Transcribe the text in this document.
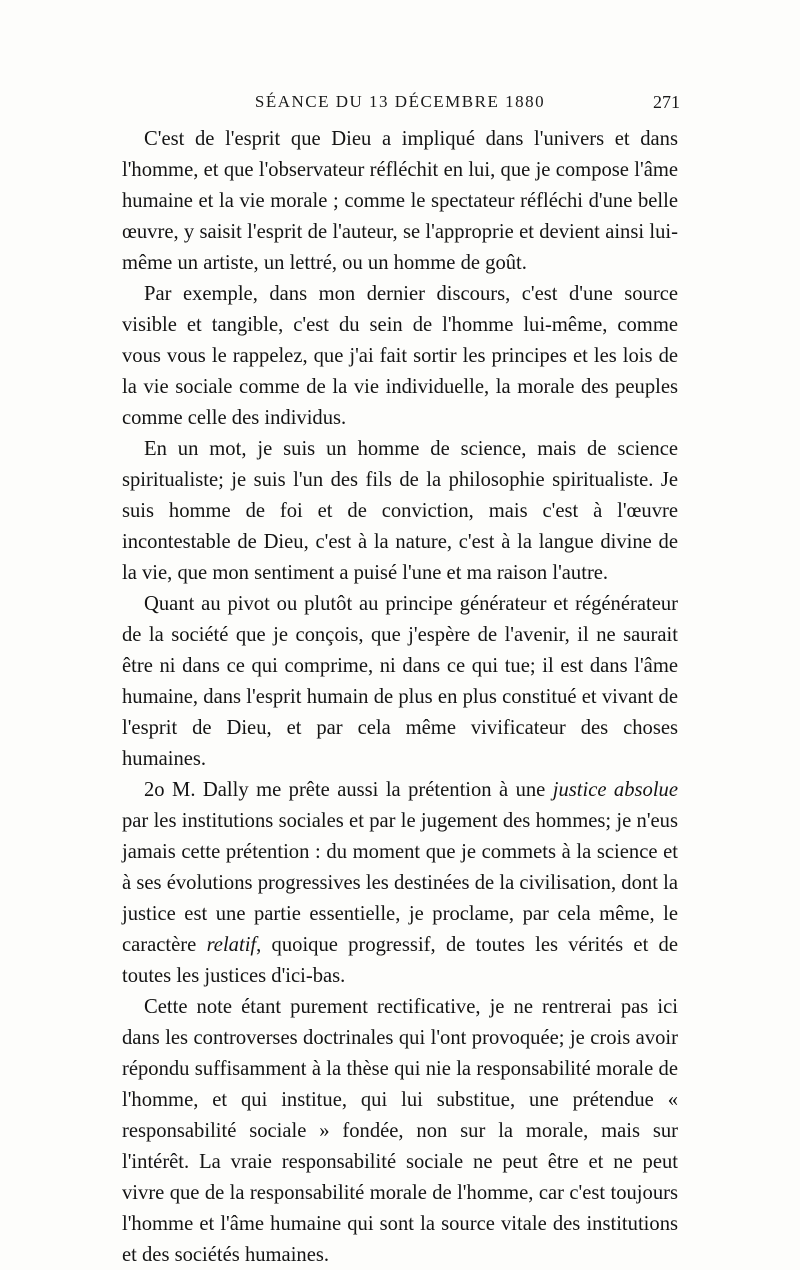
SÉANCE DU 13 DÉCEMBRE 1880	271

C'est de l'esprit que Dieu a impliqué dans l'univers et dans l'homme, et que l'observateur réfléchit en lui, que je compose l'âme humaine et la vie morale ; comme le spectateur réfléchi d'une belle œuvre, y saisit l'esprit de l'auteur, se l'approprie et devient ainsi lui-même un artiste, un lettré, ou un homme de goût.

Par exemple, dans mon dernier discours, c'est d'une source visible et tangible, c'est du sein de l'homme lui-même, comme vous vous le rappelez, que j'ai fait sortir les principes et les lois de la vie sociale comme de la vie individuelle, la morale des peuples comme celle des individus.

En un mot, je suis un homme de science, mais de science spiritualiste; je suis l'un des fils de la philosophie spiritualiste. Je suis homme de foi et de conviction, mais c'est à l'œuvre incontestable de Dieu, c'est à la nature, c'est à la langue divine de la vie, que mon sentiment a puisé l'une et ma raison l'autre.

Quant au pivot ou plutôt au principe générateur et régénérateur de la société que je conçois, que j'espère de l'avenir, il ne saurait être ni dans ce qui comprime, ni dans ce qui tue; il est dans l'âme humaine, dans l'esprit humain de plus en plus constitué et vivant de l'esprit de Dieu, et par cela même vivificateur des choses humaines.

2o M. Dally me prête aussi la prétention à une justice absolue par les institutions sociales et par le jugement des hommes; je n'eus jamais cette prétention : du moment que je commets à la science et à ses évolutions progressives les destinées de la civilisation, dont la justice est une partie essentielle, je proclame, par cela même, le caractère relatif, quoique progressif, de toutes les vérités et de toutes les justices d'ici-bas.

Cette note étant purement rectificative, je ne rentrerai pas ici dans les controverses doctrinales qui l'ont provoquée; je crois avoir répondu suffisamment à la thèse qui nie la responsabilité morale de l'homme, et qui institue, qui lui substitue, une prétendue « responsabilité sociale » fondée, non sur la morale, mais sur l'intérêt. La vraie responsabilité sociale ne peut être et ne peut vivre que de la responsabilité morale de l'homme, car c'est toujours l'homme et l'âme humaine qui sont la source vitale des institutions et des sociétés humaines.
